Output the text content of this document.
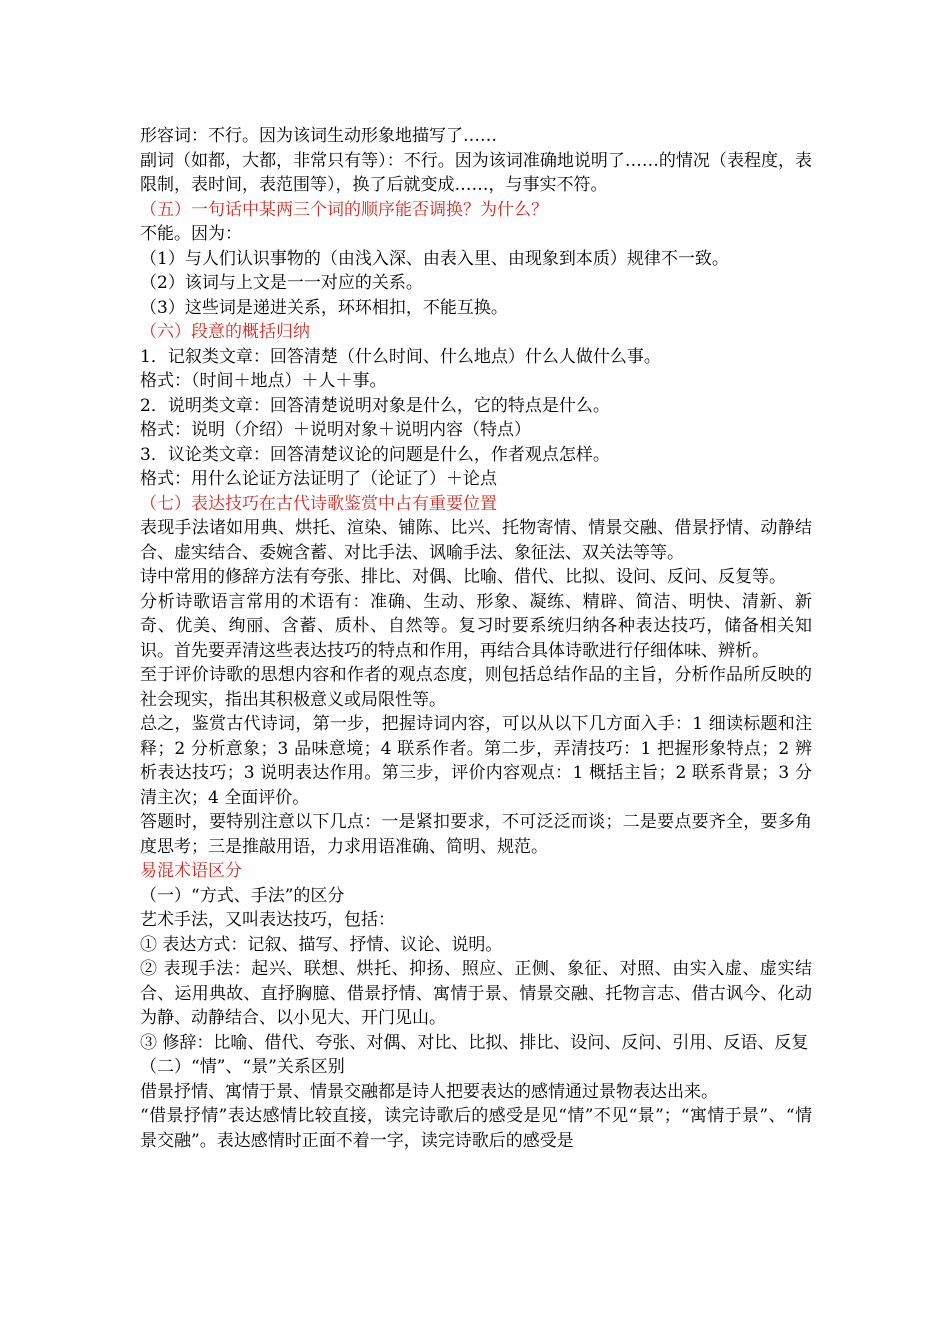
形容词：不行。因为该词生动形象地描写了……

副词（如都，大都，非常只有等）：不行。因为该词准确地说明了……的情况（表程度，表限制，表时间，表范围等），换了后就变成……，与事实不符。

（五）一句话中某两三个词的顺序能否调换？为什么？

不能。因为：

（1）与人们认识事物的（由浅入深、由表入里、由现象到本质）规律不一致。

（2）该词与上文是一一对应的关系。

（3）这些词是递进关系，环环相扣，不能互换。

（六）段意的概括归纳

1．记叙类文章：回答清楚（什么时间、什么地点）什么人做什么事。

格式：（时间＋地点）＋人＋事。

2．说明类文章：回答清楚说明对象是什么，它的特点是什么。

格式：说明（介绍）＋说明对象＋说明内容（特点）

3．议论类文章：回答清楚议论的问题是什么，作者观点怎样。

格式：用什么论证方法证明了（论证了）＋论点

（七）表达技巧在古代诗歌鉴赏中占有重要位置

表现手法诸如用典、烘托、渲染、铺陈、比兴、托物寄情、情景交融、借景抒情、动静结合、虚实结合、委婉含蓄、对比手法、讽喻手法、象征法、双关法等等。

诗中常用的修辞方法有夸张、排比、对偶、比喻、借代、比拟、设问、反问、反复等。

分析诗歌语言常用的术语有：准确、生动、形象、凝练、精辟、简洁、明快、清新、新奇、优美、绚丽、含蓄、质朴、自然等。复习时要系统归纳各种表达技巧，储备相关知识。首先要弄清这些表达技巧的特点和作用，再结合具体诗歌进行仔细体味、辨析。

至于评价诗歌的思想内容和作者的观点态度，则包括总结作品的主旨，分析作品所反映的社会现实，指出其积极意义或局限性等。

总之，鉴赏古代诗词，第一步，把握诗词内容，可以从以下几方面入手：1 细读标题和注释；2 分析意象；3 品味意境；4 联系作者。第二步，弄清技巧：1 把握形象特点；2 辨析表达技巧；3 说明表达作用。第三步，评价内容观点：1 概括主旨；2 联系背景；3 分清主次；4 全面评价。

答题时，要特别注意以下几点：一是紧扣要求，不可泛泛而谈；二是要点要齐全，要多角度思考；三是推敲用语，力求用语准确、简明、规范。

易混术语区分

（一）“方式、手法”的区分

艺术手法，又叫表达技巧，包括：

① 表达方式：记叙、描写、抒情、议论、说明。

② 表现手法：起兴、联想、烘托、抑扬、照应、正侧、象征、对照、由实入虚、虚实结合、运用典故、直抒胸臆、借景抒情、寓情于景、情景交融、托物言志、借古讽今、化动为静、动静结合、以小见大、开门见山。

③ 修辞：比喻、借代、夸张、对偶、对比、比拟、排比、设问、反问、引用、反语、反复

（二）“情”、“景”关系区别

借景抒情、寓情于景、情景交融都是诗人把要表达的感情通过景物表达出来。

“借景抒情”表达感情比较直接，读完诗歌后的感受是见“情”不见“景”；“寓情于景”、“情景交融”。表达感情时正面不着一字，读完诗歌后的感受是
